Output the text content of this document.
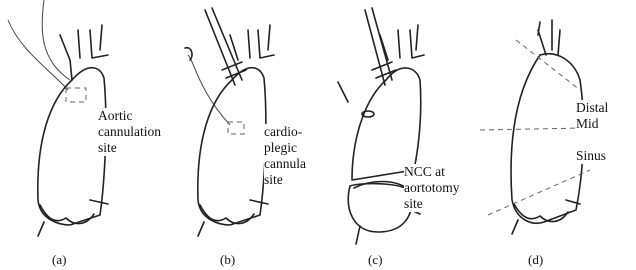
Aortic
cannulation
site
(a)
cardio-
plegic
cannula
site
(b)
NCC at
aortotomy
site
(c)
Distal
Mid

Sinus
(d)
